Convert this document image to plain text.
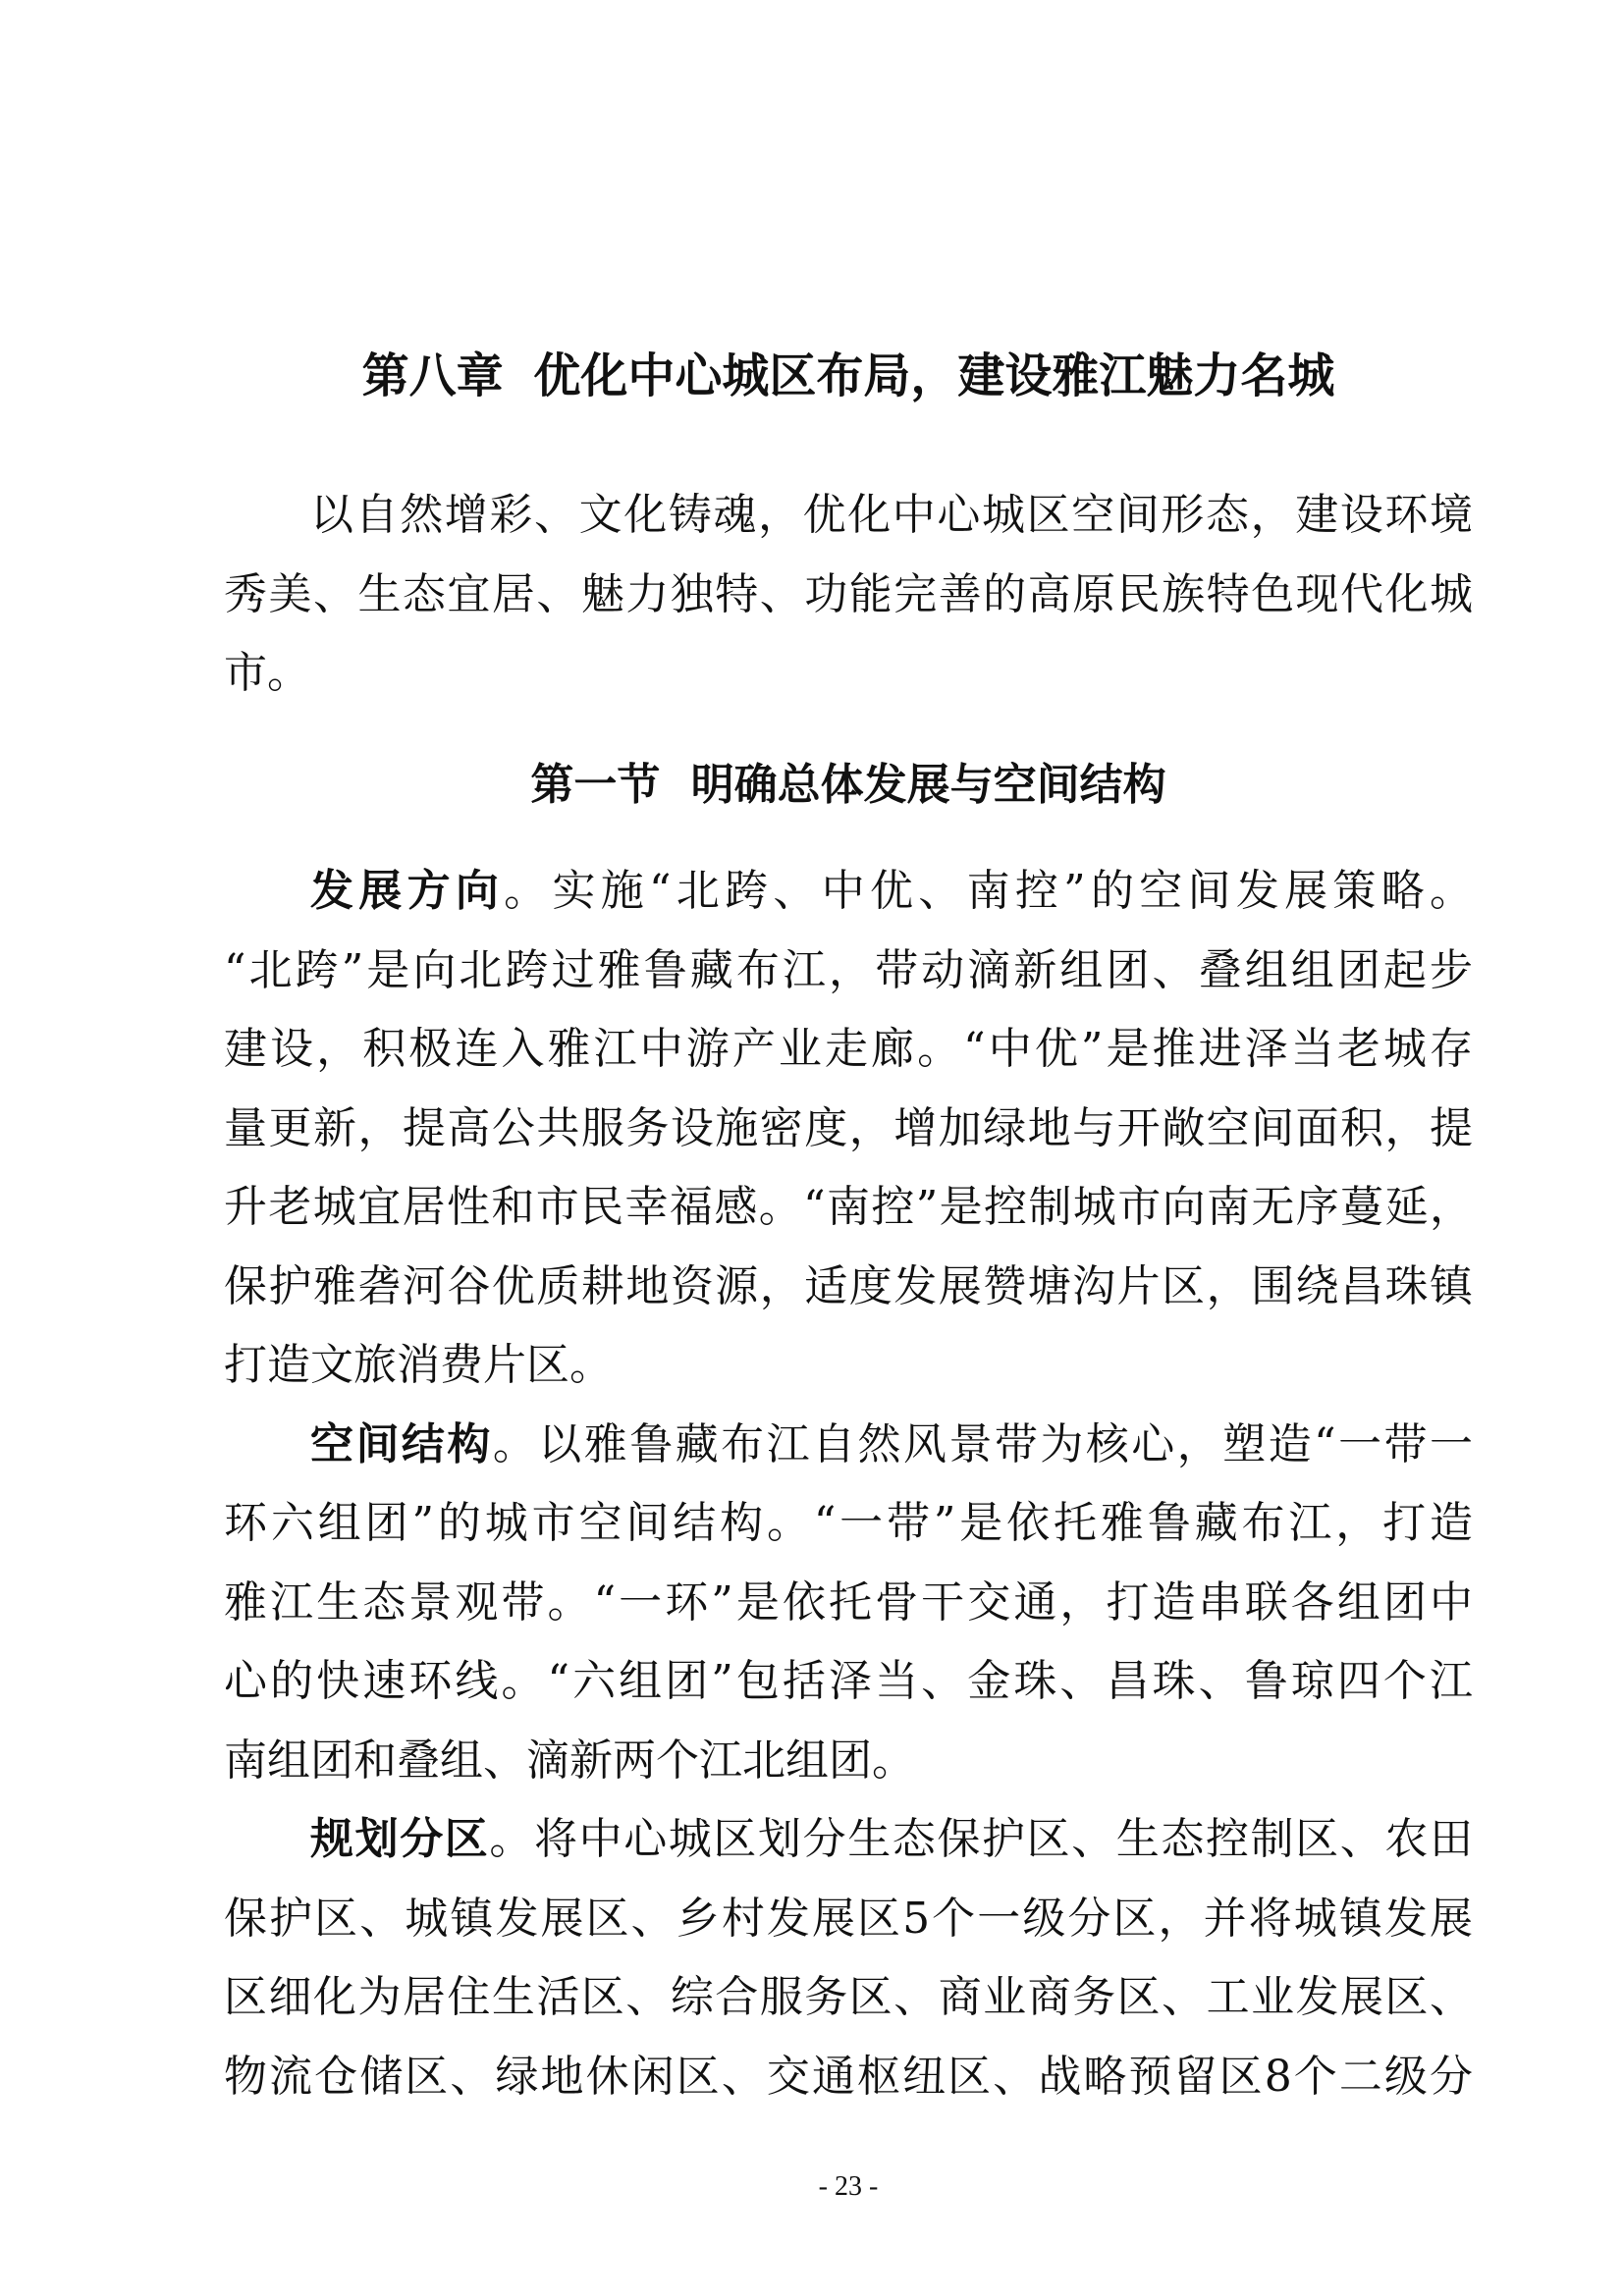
第八章 优化中心城区布局，建设雅江魅力名城
以自然增彩、文化铸魂，优化中心城区空间形态，建设环境
秀美、生态宜居、魅力独特、功能完善的高原民族特色现代化城
市。
第一节 明确总体发展与空间结构
发展方向。实施“北跨、中优、南控”的空间发展策略。
“北跨”是向北跨过雅鲁藏布江，带动滴新组团、叠组组团起步
建设，积极连入雅江中游产业走廊。“中优”是推进泽当老城存
量更新，提高公共服务设施密度，增加绿地与开敞空间面积，提
升老城宜居性和市民幸福感。“南控”是控制城市向南无序蔓延，
保护雅砻河谷优质耕地资源，适度发展赞塘沟片区，围绕昌珠镇
打造文旅消费片区。
空间结构。以雅鲁藏布江自然风景带为核心，塑造“一带一
环六组团”的城市空间结构。“一带”是依托雅鲁藏布江，打造
雅江生态景观带。“一环”是依托骨干交通，打造串联各组团中
心的快速环线。“六组团”包括泽当、金珠、昌珠、鲁琼四个江
南组团和叠组、滴新两个江北组团。
规划分区。将中心城区划分生态保护区、生态控制区、农田
保护区、城镇发展区、乡村发展区5个一级分区，并将城镇发展
区细化为居住生活区、综合服务区、商业商务区、工业发展区、
物流仓储区、绿地休闲区、交通枢纽区、战略预留区8个二级分
- 23 -
